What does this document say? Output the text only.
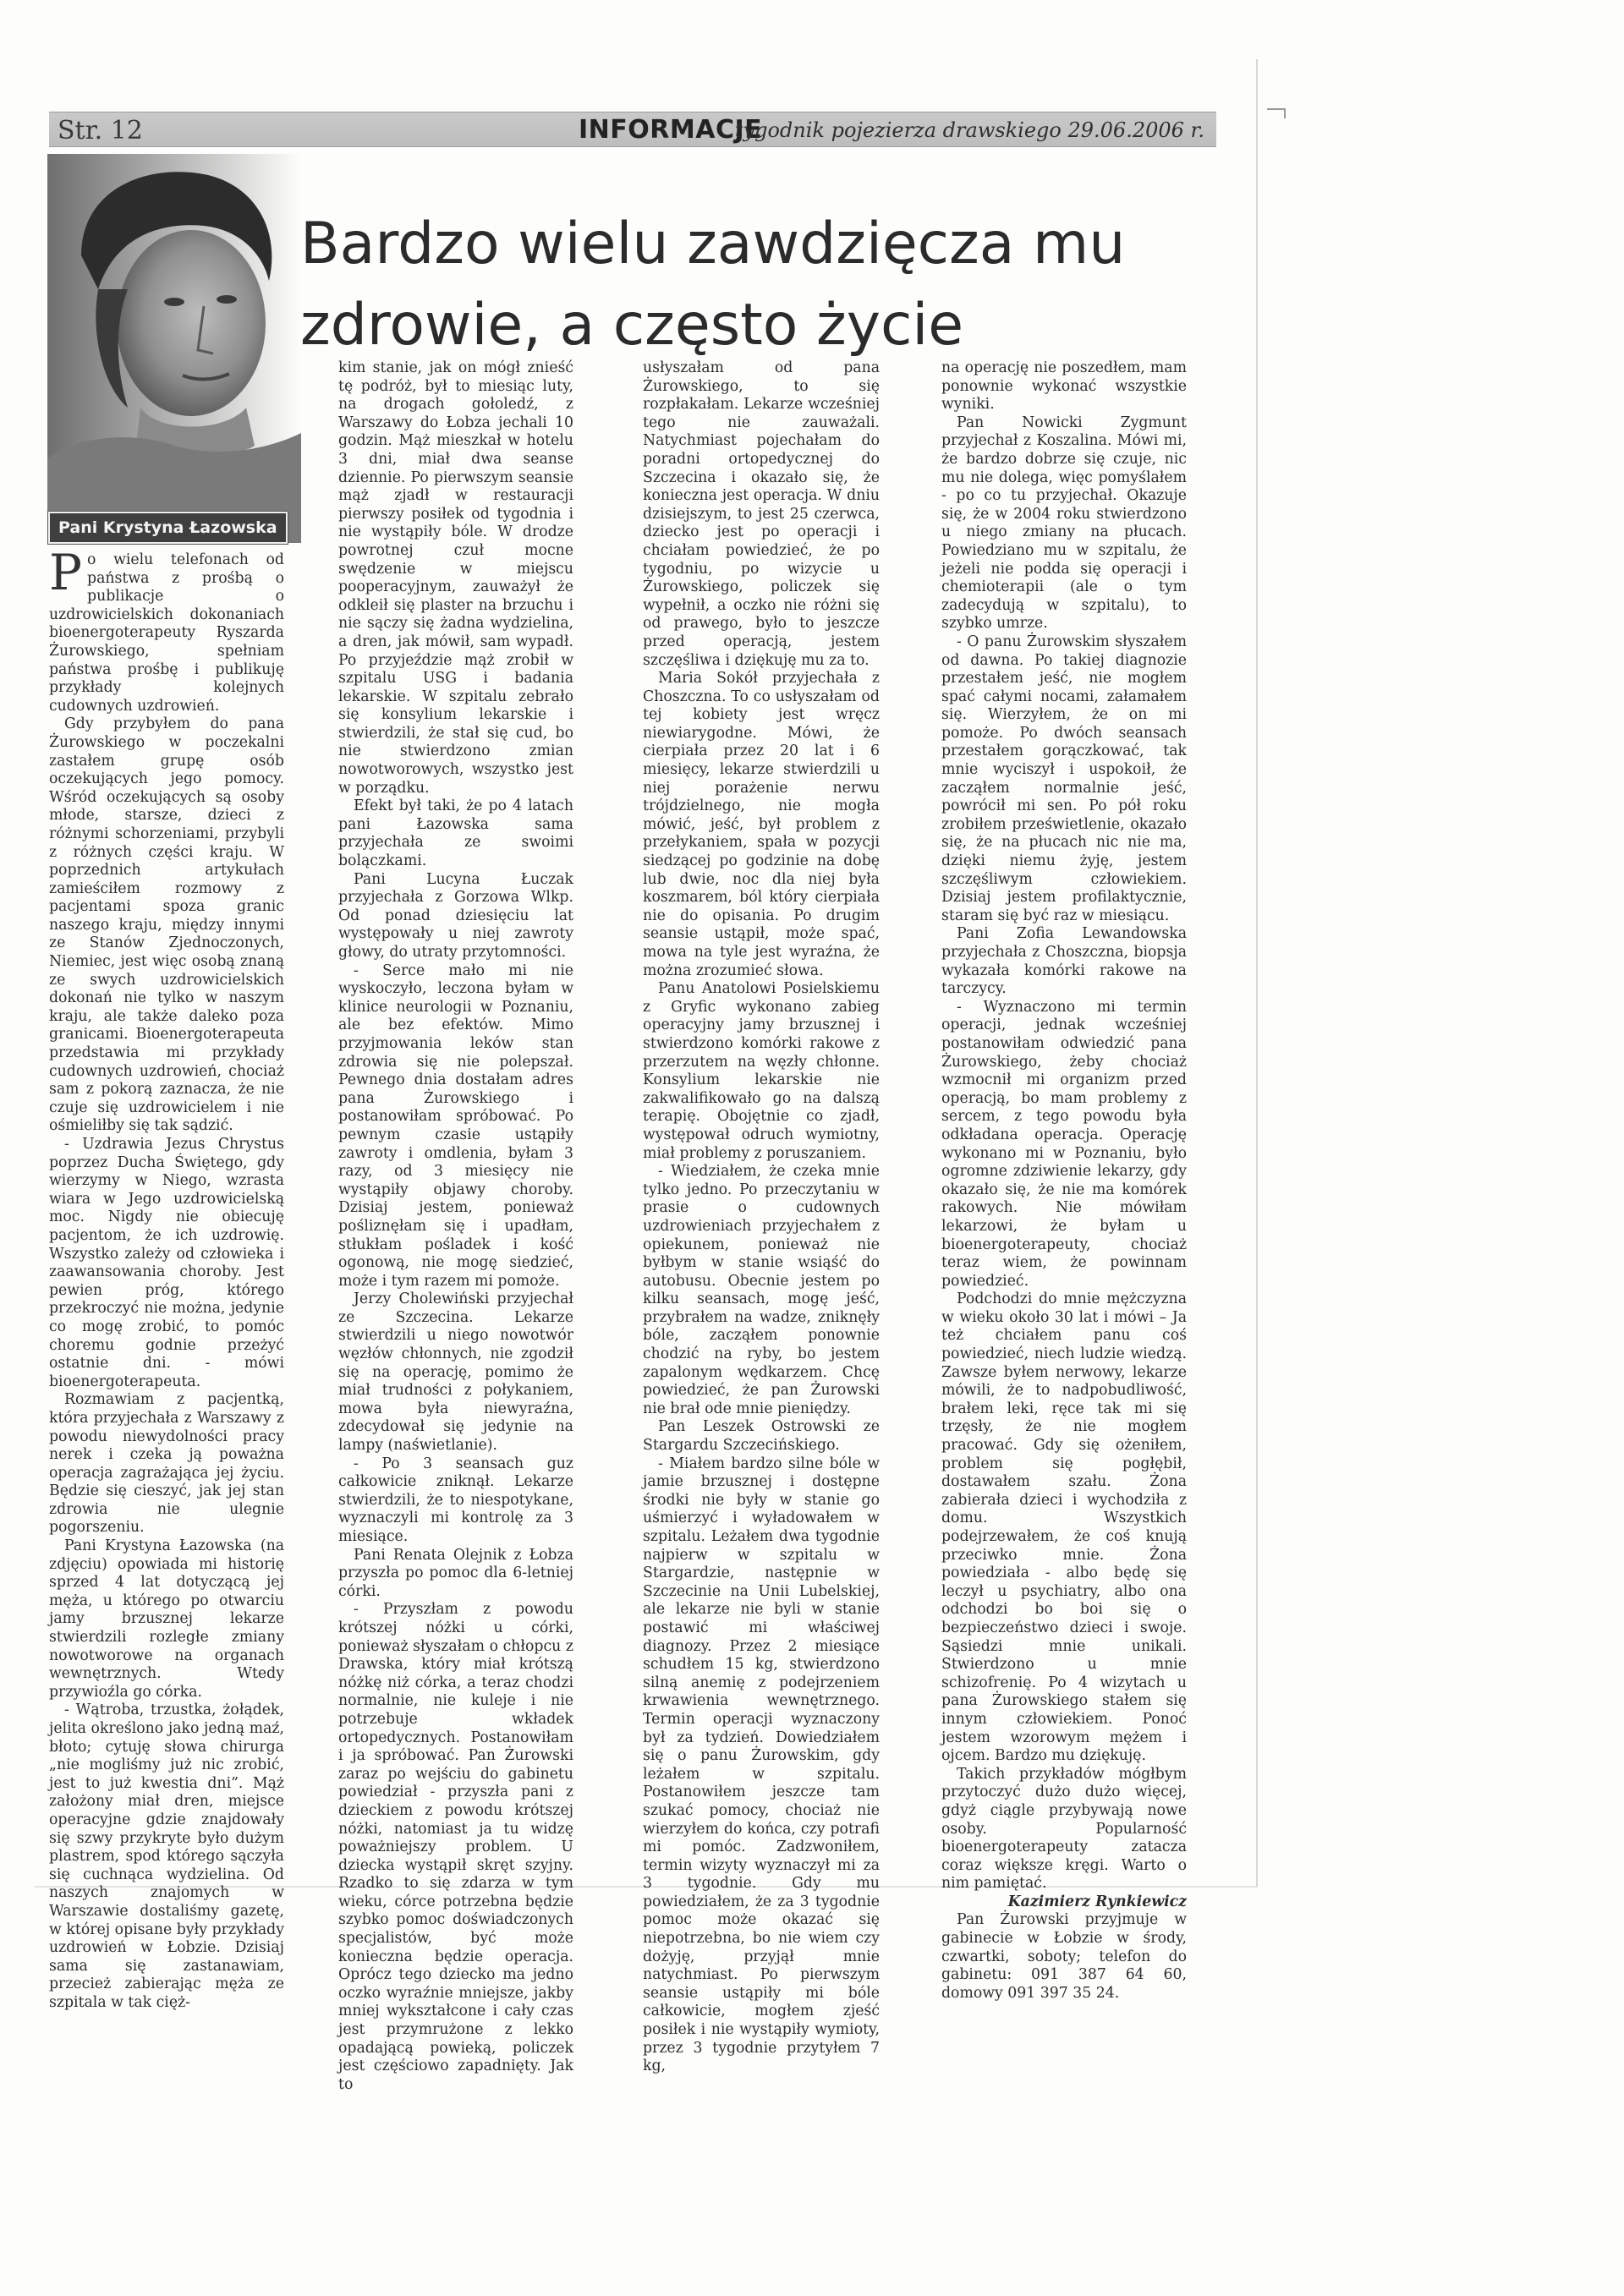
Str. 12	INFORMACJE
tygodnik pojezierza drawskiego 29.06.2006 r.
Pani Krystyna Łazowska
Bardzo wielu zawdzięcza mu
zdrowie, a często życie
P o wielu telefonach od państwa z prośbą o publikacje o uzdrowicielskich dokonaniach bioenergoterapeuty Ryszarda Żurowskiego, spełniam państwa prośbę i publikuję przykłady kolejnych cudownych uzdrowień.

Gdy przybyłem do pana Żurowskiego w poczekalni zastałem grupę osób oczekujących jego pomocy. Wśród oczekujących są osoby młode, starsze, dzieci z różnymi schorzeniami, przybyli z różnych części kraju. W poprzednich artykułach zamieściłem rozmowy z pacjentami spoza granic naszego kraju, między innymi ze Stanów Zjednoczonych, Niemiec, jest więc osobą znaną ze swych uzdrowicielskich dokonań nie tylko w naszym kraju, ale także daleko poza granicami. Bioenergoterapeuta przedstawia mi przykłady cudownych uzdrowień, chociaż sam z pokorą zaznacza, że nie czuje się uzdrowicielem i nie ośmieliłby się tak sądzić.

- Uzdrawia Jezus Chrystus poprzez Ducha Świętego, gdy wierzymy w Niego, wzrasta wiara w Jego uzdrowicielską moc. Nigdy nie obiecuję pacjentom, że ich uzdrowię. Wszystko zależy od człowieka i zaawansowania choroby. Jest pewien próg, którego przekroczyć nie można, jedynie co mogę zrobić, to pomóc choremu godnie przeżyć ostatnie dni. - mówi bioenergoterapeuta.

Rozmawiam z pacjentką, która przyjechała z Warszawy z powodu niewydolności pracy nerek i czeka ją poważna operacja zagrażająca jej życiu. Będzie się cieszyć, jak jej stan zdrowia nie ulegnie pogorszeniu.

Pani Krystyna Łazowska (na zdjęciu) opowiada mi historię sprzed 4 lat dotyczącą jej męża, u którego po otwarciu jamy brzusznej lekarze stwierdzili rozległe zmiany nowotworowe na organach wewnętrznych. Wtedy przywioźla go córka.

- Wątroba, trzustka, żołądek, jelita określono jako jedną maź, błoto; cytuję słowa chirurga „nie mogliśmy już nic zrobić, jest to już kwestia dni”. Mąż założony miał dren, miejsce operacyjne gdzie znajdowały się szwy przykryte było dużym plastrem, spod którego sączyła się cuchnąca wydzielina. Od naszych znajomych w Warszawie dostaliśmy gazetę, w której opisane były przykłady uzdrowień w Łobzie. Dzisiaj sama się zastanawiam, przecież zabierając męża ze szpitala w tak cięż-

kim stanie, jak on mógł znieść tę podróż, był to miesiąc luty, na drogach gołoledź, z Warszawy do Łobza jechali 10 godzin. Mąż mieszkał w hotelu 3 dni, miał dwa seanse dziennie. Po pierwszym seansie mąż zjadł w restauracji pierwszy posiłek od tygodnia i nie wystąpiły bóle. W drodze powrotnej czuł mocne swędzenie w miejscu pooperacyjnym, zauważył że odkleił się plaster na brzuchu i nie sączy się żadna wydzielina, a dren, jak mówił, sam wypadł. Po przyjeździe mąż zrobił w szpitalu USG i badania lekarskie. W szpitalu zebrało się konsylium lekarskie i stwierdzili, że stał się cud, bo nie stwierdzono zmian nowotworowych, wszystko jest w porządku.

Efekt był taki, że po 4 latach pani Łazowska sama przyjechała ze swoimi bolączkami.

Pani Lucyna Łuczak przyjechała z Gorzowa Wlkp. Od ponad dziesięciu lat występowały u niej zawroty głowy, do utraty przytomności.

- Serce mało mi nie wyskoczyło, leczona byłam w klinice neurologii w Poznaniu, ale bez efektów. Mimo przyjmowania leków stan zdrowia się nie polepszał. Pewnego dnia dostałam adres pana Żurowskiego i postanowiłam spróbować. Po pewnym czasie ustąpiły zawroty i omdlenia, byłam 3 razy, od 3 miesięcy nie wystąpiły objawy choroby. Dzisiaj jestem, ponieważ pośliznęłam się i upadłam, stłukłam pośladek i kość ogonową, nie mogę siedzieć, może i tym razem mi pomoże.

Jerzy Cholewiński przyjechał ze Szczecina. Lekarze stwierdzili u niego nowotwór węzłów chłonnych, nie zgodził się na operację, pomimo że miał trudności z połykaniem, mowa była niewyraźna, zdecydował się jedynie na lampy (naświetlanie).

- Po 3 seansach guz całkowicie zniknął. Lekarze stwierdzili, że to niespotykane, wyznaczyli mi kontrolę za 3 miesiące.

Pani Renata Olejnik z Łobza przyszła po pomoc dla 6-letniej córki.

- Przyszłam z powodu krótszej nóżki u córki, ponieważ słyszałam o chłopcu z Drawska, który miał krótszą nóżkę niż córka, a teraz chodzi normalnie, nie kuleje i nie potrzebuje wkładek ortopedycznych. Postanowiłam i ja spróbować. Pan Żurowski zaraz po wejściu do gabinetu powiedział - przyszła pani z dzieckiem z powodu krótszej nóżki, natomiast ja tu widzę poważniejszy problem. U dziecka wystąpił skręt szyjny. Rzadko to się zdarza w tym wieku, córce potrzebna będzie szybko pomoc doświadczonych specjalistów, być może konieczna będzie operacja. Oprócz tego dziecko ma jedno oczko wyraźnie mniejsze, jakby mniej wykształcone i cały czas jest przymrużone z lekko opadającą powieką, policzek jest częściowo zapadnięty. Jak to

usłyszałam od pana Żurowskiego, to się rozpłakałam. Lekarze wcześniej tego nie zauważali. Natychmiast pojechałam do poradni ortopedycznej do Szczecina i okazało się, że konieczna jest operacja. W dniu dzisiejszym, to jest 25 czerwca, dziecko jest po operacji i chciałam powiedzieć, że po tygodniu, po wizycie u Żurowskiego, policzek się wypełnił, a oczko nie różni się od prawego, było to jeszcze przed operacją, jestem szczęśliwa i dziękuję mu za to.

Maria Sokół przyjechała z Choszczna. To co usłyszałam od tej kobiety jest wręcz niewiarygodne. Mówi, że cierpiała przez 20 lat i 6 miesięcy, lekarze stwierdzili u niej porażenie nerwu trójdzielnego, nie mogła mówić, jeść, był problem z przełykaniem, spała w pozycji siedzącej po godzinie na dobę lub dwie, noc dla niej była koszmarem, ból który cierpiała nie do opisania. Po drugim seansie ustąpił, może spać, mowa na tyle jest wyraźna, że można zrozumieć słowa.

Panu Anatolowi Posielskiemu z Gryfic wykonano zabieg operacyjny jamy brzusznej i stwierdzono komórki rakowe z przerzutem na węzły chłonne. Konsylium lekarskie nie zakwalifikowało go na dalszą terapię. Obojętnie co zjadł, występował odruch wymiotny, miał problemy z poruszaniem.

- Wiedziałem, że czeka mnie tylko jedno. Po przeczytaniu w prasie o cudownych uzdrowieniach przyjechałem z opiekunem, ponieważ nie byłbym w stanie wsiąść do autobusu. Obecnie jestem po kilku seansach, mogę jeść, przybrałem na wadze, zniknęły bóle, zacząłem ponownie chodzić na ryby, bo jestem zapalonym wędkarzem. Chcę powiedzieć, że pan Żurowski nie brał ode mnie pieniędzy.

Pan Leszek Ostrowski ze Stargardu Szczecińskiego.

- Miałem bardzo silne bóle w jamie brzusznej i dostępne środki nie były w stanie go uśmierzyć i wyładowałem w szpitalu. Leżałem dwa tygodnie najpierw w szpitalu w Stargardzie, następnie w Szczecinie na Unii Lubelskiej, ale lekarze nie byli w stanie postawić mi właściwej diagnozy. Przez 2 miesiące schudłem 15 kg, stwierdzono silną anemię z podejrzeniem krwawienia wewnętrznego. Termin operacji wyznaczony był za tydzień. Dowiedziałem się o panu Żurowskim, gdy leżałem w szpitalu. Postanowiłem jeszcze tam szukać pomocy, chociaż nie wierzyłem do końca, czy potrafi mi pomóc. Zadzwoniłem, termin wizyty wyznaczył mi za 3 tygodnie. Gdy mu powiedziałem, że za 3 tygodnie pomoc może okazać się niepotrzebna, bo nie wiem czy dożyję, przyjął mnie natychmiast. Po pierwszym seansie ustąpiły mi bóle całkowicie, mogłem zjeść posiłek i nie wystąpiły wymioty, przez 3 tygodnie przytyłem 7 kg,

na operację nie poszedłem, mam ponownie wykonać wszystkie wyniki.

Pan Nowicki Zygmunt przyjechał z Koszalina. Mówi mi, że bardzo dobrze się czuje, nic mu nie dolega, więc pomyślałem - po co tu przyjechał. Okazuje się, że w 2004 roku stwierdzono u niego zmiany na płucach. Powiedziano mu w szpitalu, że jeżeli nie podda się operacji i chemioterapii (ale o tym zadecydują w szpitalu), to szybko umrze.

- O panu Żurowskim słyszałem od dawna. Po takiej diagnozie przestałem jeść, nie mogłem spać całymi nocami, załamałem się. Wierzyłem, że on mi pomoże. Po dwóch seansach przestałem gorączkować, tak mnie wyciszył i uspokoił, że zacząłem normalnie jeść, powrócił mi sen. Po pół roku zrobiłem prześwietlenie, okazało się, że na płucach nic nie ma, dzięki niemu żyję, jestem szczęśliwym człowiekiem. Dzisiaj jestem profilaktycznie, staram się być raz w miesiącu.

Pani Zofia Lewandowska przyjechała z Choszczna, biopsja wykazała komórki rakowe na tarczycy.

- Wyznaczono mi termin operacji, jednak wcześniej postanowiłam odwiedzić pana Żurowskiego, żeby chociaż wzmocnił mi organizm przed operacją, bo mam problemy z sercem, z tego powodu była odkładana operacja. Operację wykonano mi w Poznaniu, było ogromne zdziwienie lekarzy, gdy okazało się, że nie ma komórek rakowych. Nie mówiłam lekarzowi, że byłam u bioenergoterapeuty, chociaż teraz wiem, że powinnam powiedzieć.

Podchodzi do mnie mężczyzna w wieku około 30 lat i mówi – Ja też chciałem panu coś powiedzieć, niech ludzie wiedzą. Zawsze byłem nerwowy, lekarze mówili, że to nadpobudliwość, brałem leki, ręce tak mi się trzęsły, że nie mogłem pracować. Gdy się ożeniłem, problem się pogłębił, dostawałem szału. Żona zabierała dzieci i wychodziła z domu. Wszystkich podejrzewałem, że coś knują przeciwko mnie. Żona powiedziała - albo będę się leczył u psychiatry, albo ona odchodzi bo boi się o bezpieczeństwo dzieci i swoje. Sąsiedzi mnie unikali. Stwierdzono u mnie schizofrenię. Po 4 wizytach u pana Żurowskiego stałem się innym człowiekiem. Ponoć jestem wzorowym mężem i ojcem. Bardzo mu dziękuję.

Takich przykładów mógłbym przytoczyć dużo dużo więcej, gdyż ciągle przybywają nowe osoby. Popularność bioenergoterapeuty zatacza coraz większe kręgi. Warto o nim pamiętać.

Kazimierz Rynkiewicz

Pan Żurowski przyjmuje w gabinecie w Łobzie w środy, czwartki, soboty; telefon do gabinetu: 091 387 64 60, domowy 091 397 35 24.
